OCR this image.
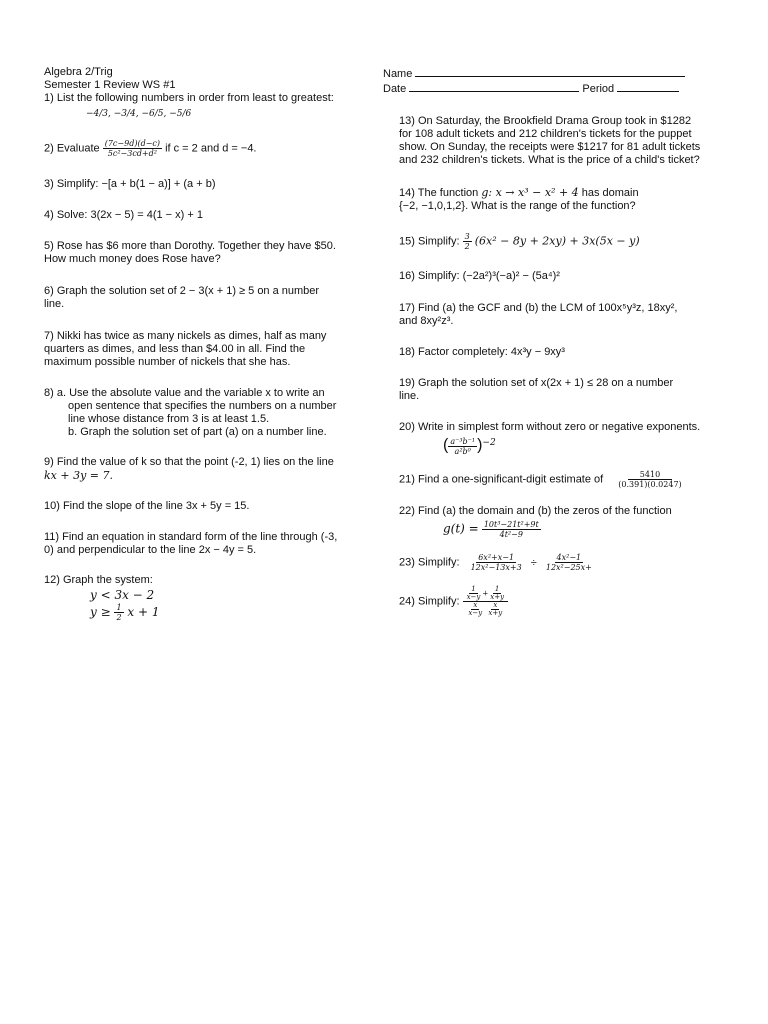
Algebra 2/Trig

Semester 1 Review WS #1

1) List the following numbers in order from least to greatest:

−4/3, −3/4, −6/5, −5/6

2) Evaluate $\frac{(7c-9d)(d-c)}{\text{5c²−3cd+d²}}$ if c = 2 and d = −4.

3) Simplify: −[a + b(1 − a)] + (a + b)

4) Solve: 3(2x − 5) = 4(1 − x) + 1

5) Rose has $6 more than Dorothy. Together they have $50.

How much money does Rose have?

6) Graph the solution set of 2 − 3(x + 1) ≥ 5 on a number

line.

7) Nikki has twice as many nickels as dimes, half as many

quarters as dimes, and less than $4.00 in all. Find the

maximum possible number of nickels that she has.

8) a. Use the absolute value and the variable x to write an

open sentence that specifies the numbers on a number

line whose distance from 3 is at least 1.5.

b. Graph the solution set of part (a) on a number line.

9) Find the value of k so that the point (-2, 1) lies on the line

kx + 3y = 7.

10) Find the slope of the line 3x + 5y = 15.

11) Find an equation in standard form of the line through (-3,

0) and perpendicular to the line 2x − 4y = 5.

12) Graph the system:

y < 3x − 2

$y \ge \frac{1}{2}$ x + 1

Name

Date	Period

13) On Saturday, the Brookfield Drama Group took in $1282

for 108 adult tickets and 212 children's tickets for the puppet

show. On Sunday, the receipts were $1217 for 81 adult tickets

and 232 children's tickets. What is the price of a child's ticket?

14) The function g: x → x³ − x² + 4 has domain

{−2, −1,0,1,2}. What is the range of the function?

15) Simplify: $\frac{3}{2} (6x^2 - 8y + 2xy) + 3x(5x - y)$

16) Simplify: (−2a²)³(−a)² − (5a⁴)²

17) Find (a) the GCF and (b) the LCM of 100x⁵y³z, 18xy²,

and 8xy²z³.

18) Factor completely: 4x³y − 9xy³

19) Graph the solution set of x(2x + 1) ≤ 28 on a number

line.

20) Write in simplest form without zero or negative exponents.

( $\frac{\text{a⁻³b⁻¹}}{\text{a²b⁰}} )^{-2}$

21) Find a one-significant-digit estimate of $\frac{5410}{(0.391)(0.0247)}$

22) Find (a) the domain and (b) the zeros of the function

$g(t) = \frac{\text{10t³−21t²+9t}}{\text{4t²−9}}$

23) Simplify: $\frac{\text{6x²+x−1}}{\text{12x²−13x+3}} \div \frac{\text{4x²−1}}{\text{12x²−25x+}}$

24) Simplify: $\frac{1}{x-y} + \frac{1}{x+y}$
$\frac{x}{x-y}$
$\frac{x}{x+y}$
